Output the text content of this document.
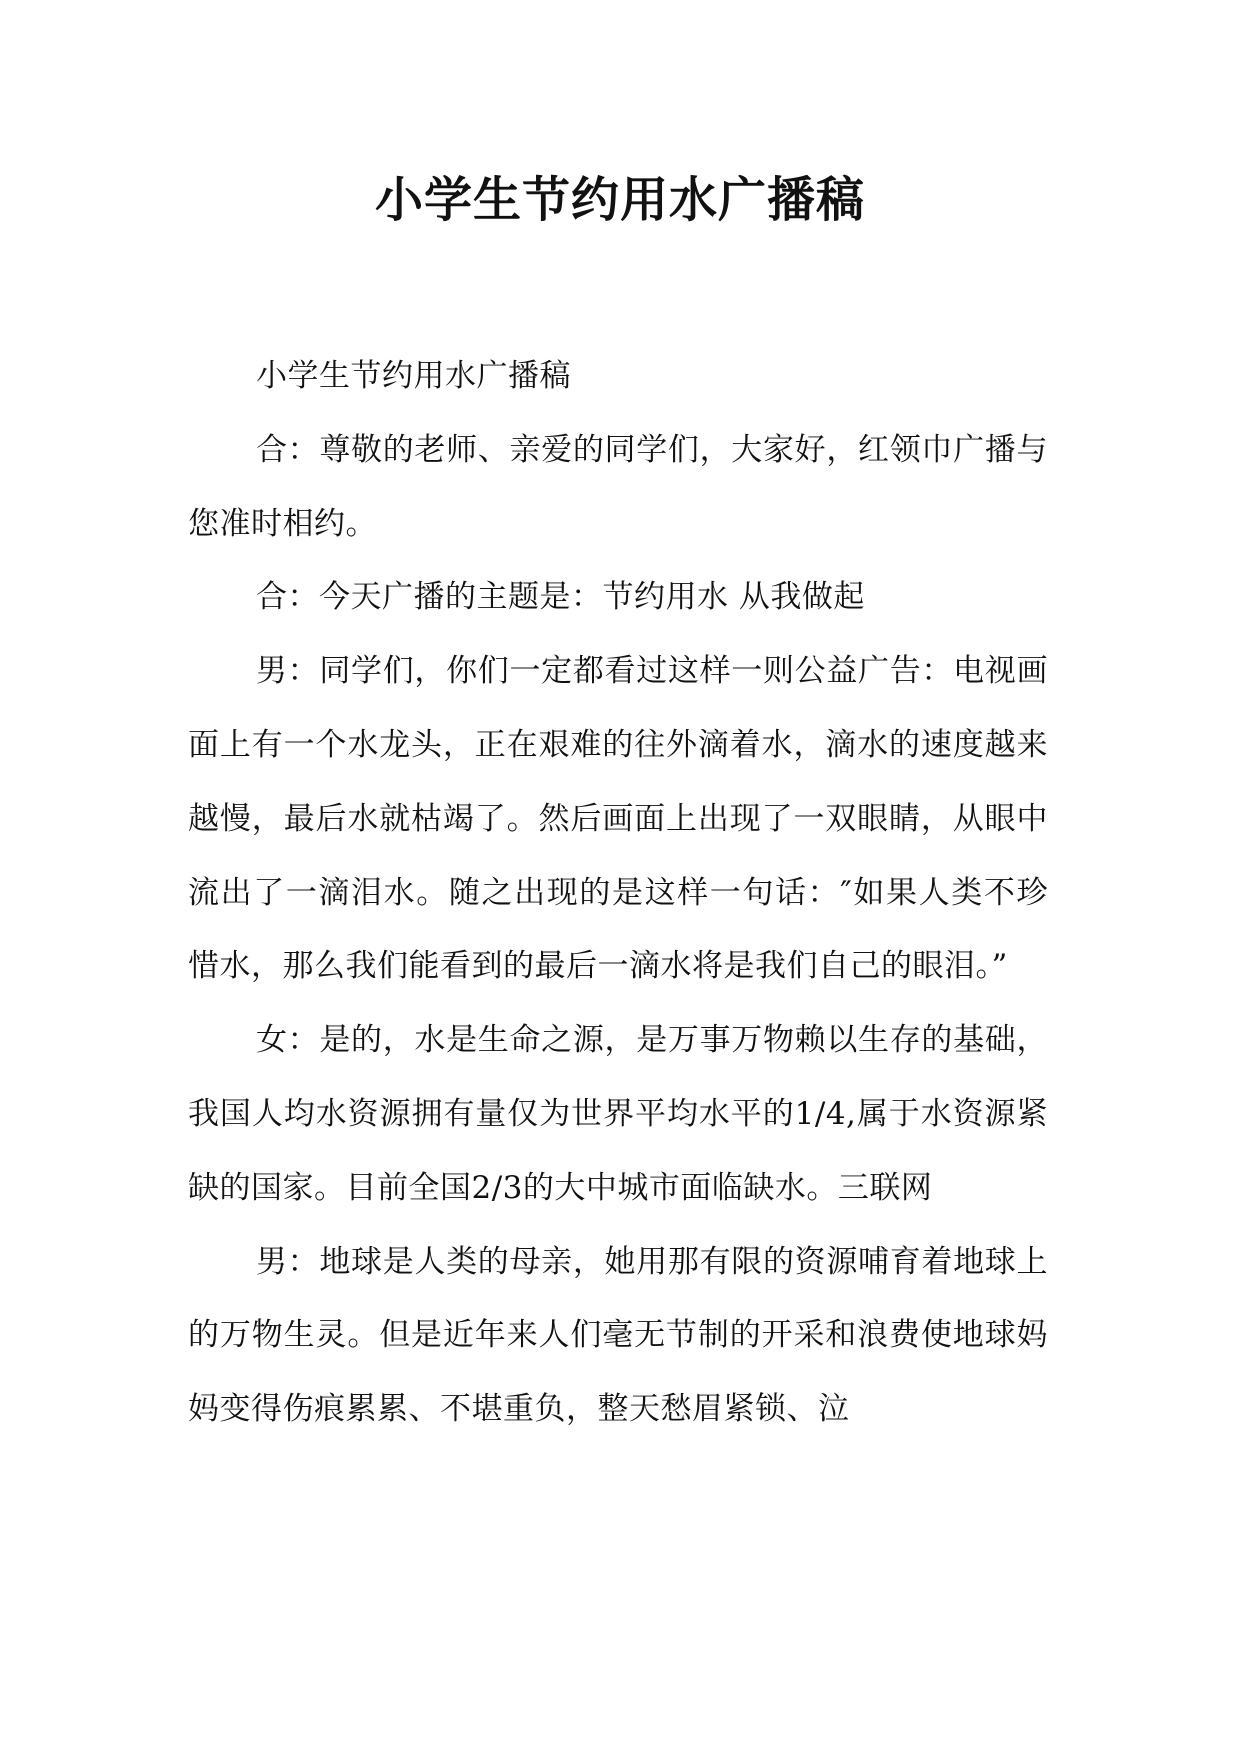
小学生节约用水广播稿

小学生节约用水广播稿

合：尊敬的老师、亲爱的同学们，大家好，红领巾广播与您准时相约。

合：今天广播的主题是：节约用水 从我做起

男：同学们，你们一定都看过这样一则公益广告：电视画面上有一个水龙头，正在艰难的往外滴着水，滴水的速度越来越慢，最后水就枯竭了。然后画面上出现了一双眼睛，从眼中流出了一滴泪水。随之出现的是这样一句话：″如果人类不珍惜水，那么我们能看到的最后一滴水将是我们自己的眼泪。”

女：是的，水是生命之源，是万事万物赖以生存的基础，我国人均水资源拥有量仅为世界平均水平的1/4,属于水资源紧缺的国家。目前全国2/3的大中城市面临缺水。三联网

男：地球是人类的母亲，她用那有限的资源哺育着地球上的万物生灵。但是近年来人们毫无节制的开采和浪费使地球妈妈变得伤痕累累、不堪重负，整天愁眉紧锁、泣
